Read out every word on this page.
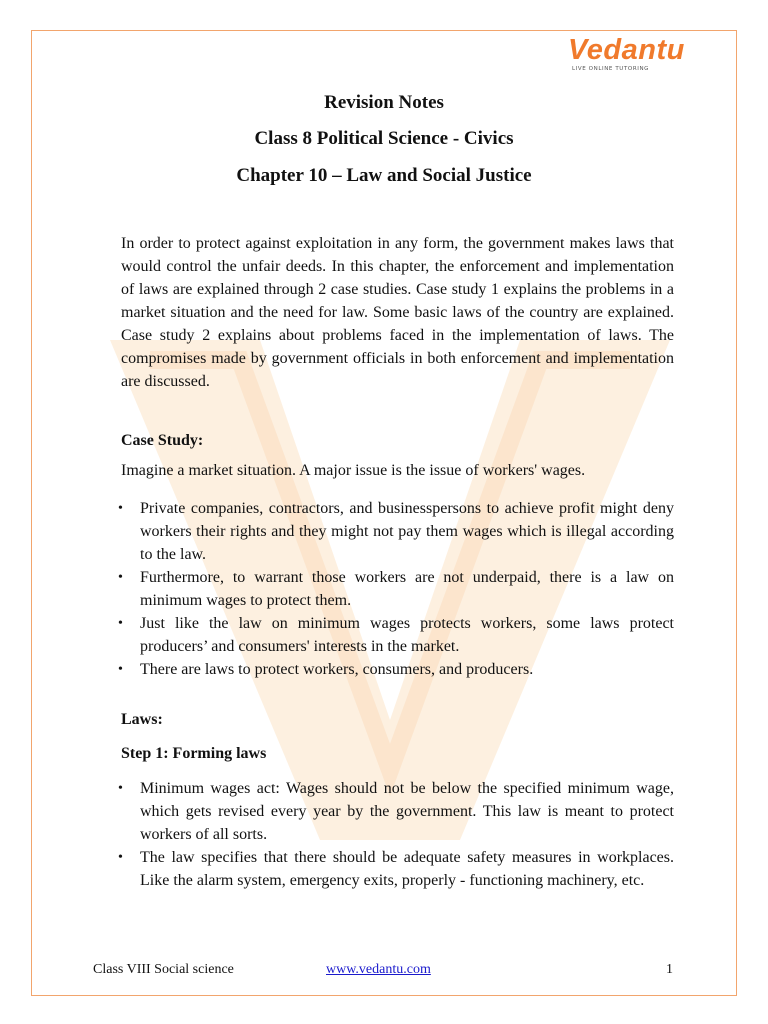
Vedantu
LIVE ONLINE TUTORING
Revision Notes
Class 8 Political Science - Civics
Chapter 10 – Law and Social Justice

In order to protect against exploitation in any form, the government makes laws that would control the unfair deeds. In this chapter, the enforcement and implementation of laws are explained through 2 case studies. Case study 1 explains the problems in a market situation and the need for law. Some basic laws of the country are explained. Case study 2 explains about problems faced in the implementation of laws. The compromises made by government officials in both enforcement and implementation are discussed.

Case Study:

Imagine a market situation. A major issue is the issue of workers' wages.

• Private companies, contractors, and businesspersons to achieve profit might deny workers their rights and they might not pay them wages which is illegal according to the law.
• Furthermore, to warrant those workers are not underpaid, there is a law on minimum wages to protect them.
• Just like the law on minimum wages protects workers, some laws protect producers’ and consumers' interests in the market.
• There are laws to protect workers, consumers, and producers.

Laws:

Step 1: Forming laws

• Minimum wages act: Wages should not be below the specified minimum wage, which gets revised every year by the government. This law is meant to protect workers of all sorts.
• The law specifies that there should be adequate safety measures in workplaces. Like the alarm system, emergency exits, properly - functioning machinery, etc.
Class VIII Social science	www.vedantu.com	1
